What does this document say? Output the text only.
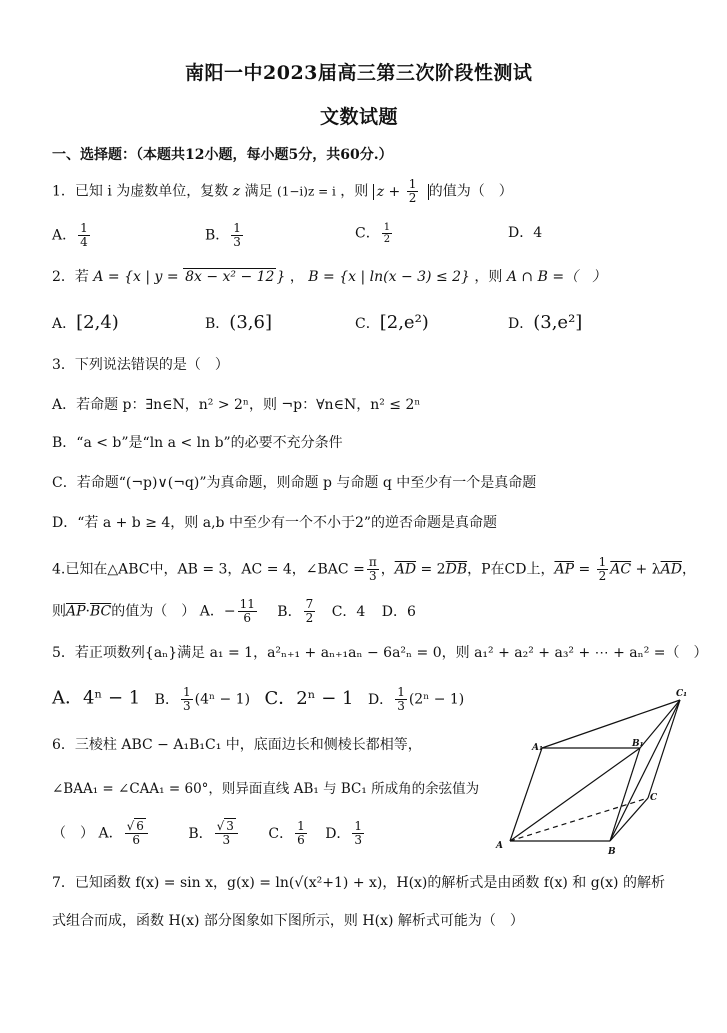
南阳一中2023届高三第三次阶段性测试
文数试题
一、选择题：（本题共12小题，每小题5分，共60分.）
1．已知 i 为虚数单位，复数 z 满足 (1−i)z = i ，则 $z + \frac{1}{2}$ 的值为（　）
A． $\frac{1}{4}$	B． $\frac{1}{3}$	C． $\frac{1}{2}$	D．4
2．若 A = {x | y = 8x − x² − 12 } ， B = {x | ln(x − 3) ≤ 2} ，则 A ∩ B =（　）
A．[2,4)	B．(3,6]	C．[2,e²)	D．(3,e²]
3．下列说法错误的是（　）
A．若命题 p：∃n∈N，n² > 2ⁿ，则 ¬p：∀n∈N，n² ≤ 2ⁿ
B．“a < b”是“ln a < ln b”的必要不充分条件
C．若命题“(¬p)∨(¬q)”为真命题，则命题 p 与命题 q 中至少有一个是真命题
D．“若 a + b ≥ 4，则 a,b 中至少有一个不小于2”的逆否命题是真命题
4.已知在△ABC中，AB = 3，AC = 4，∠BAC = $\frac{\pi}{3}$ ，$\overline{AD} = 2\overline{DB}$，P在CD上，$\overline{AP} = \frac{1}{2} \overline{AC} + \lambda\overline{AD}$，
则$\overline{AP}\cdot\overline{BC}$的值为（　） A．− $\frac{11}{6}$ B． $\frac{7}{2}$ C．4 D．6
5．若正项数列{aₙ}满足 a₁ = 1，a²ₙ₊₁ + aₙ₊₁aₙ − 6a²ₙ = 0，则 a₁² + a₂² + a₃² + ⋯ + aₙ² =（　）
A．4ⁿ − 1 B． $\frac{1}{3} (4^n - 1)$ C．2ⁿ − 1 D． $\frac{1}{3} (2^n - 1)$
6．三棱柱 ABC − A₁B₁C₁ 中，底面边长和侧棱长都相等，
∠BAA₁ = ∠CAA₁ = 60°，则异面直线 AB₁ 与 BC₁ 所成角的余弦值为
（　） A． $\frac{√ 6}{6}$	B． $\frac{√ 3}{3}$ C． $\frac{1}{6}$ D． $\frac{1}{3}$	A
B
C
A₁	B₁
C₁
7．已知函数 f(x) = sin x，g(x) = ln(√(x²+1) + x)，H(x)的解析式是由函数 f(x) 和 g(x) 的解析
式组合而成，函数 H(x) 部分图象如下图所示，则 H(x) 解析式可能为（　）
